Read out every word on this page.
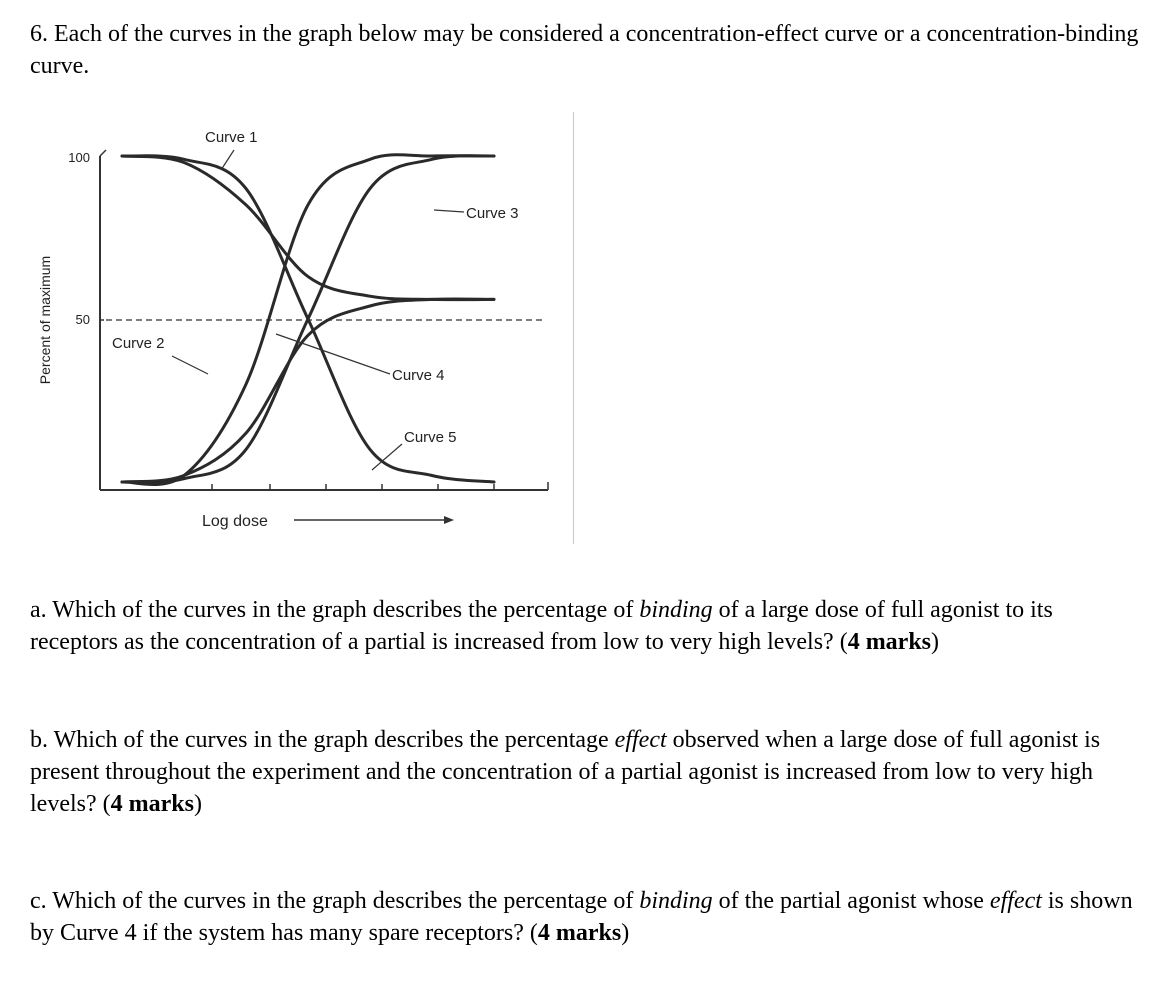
6. Each of the curves in the graph below may be considered a concentration-effect curve or a concentration-binding curve.

100
50
Percent of maximum
Log dose
Curve 1
Curve 3
Curve 2
Curve 4
Curve 5

a. Which of the curves in the graph describes the percentage of binding of a large dose of full agonist to its receptors as the concentration of a partial is increased from low to very high levels? (4 marks)

b. Which of the curves in the graph describes the percentage effect observed when a large dose of full agonist is present throughout the experiment and the concentration of a partial agonist is increased from low to very high levels? (4 marks)

c. Which of the curves in the graph describes the percentage of binding of the partial agonist whose effect is shown by Curve 4 if the system has many spare receptors? (4 marks)
